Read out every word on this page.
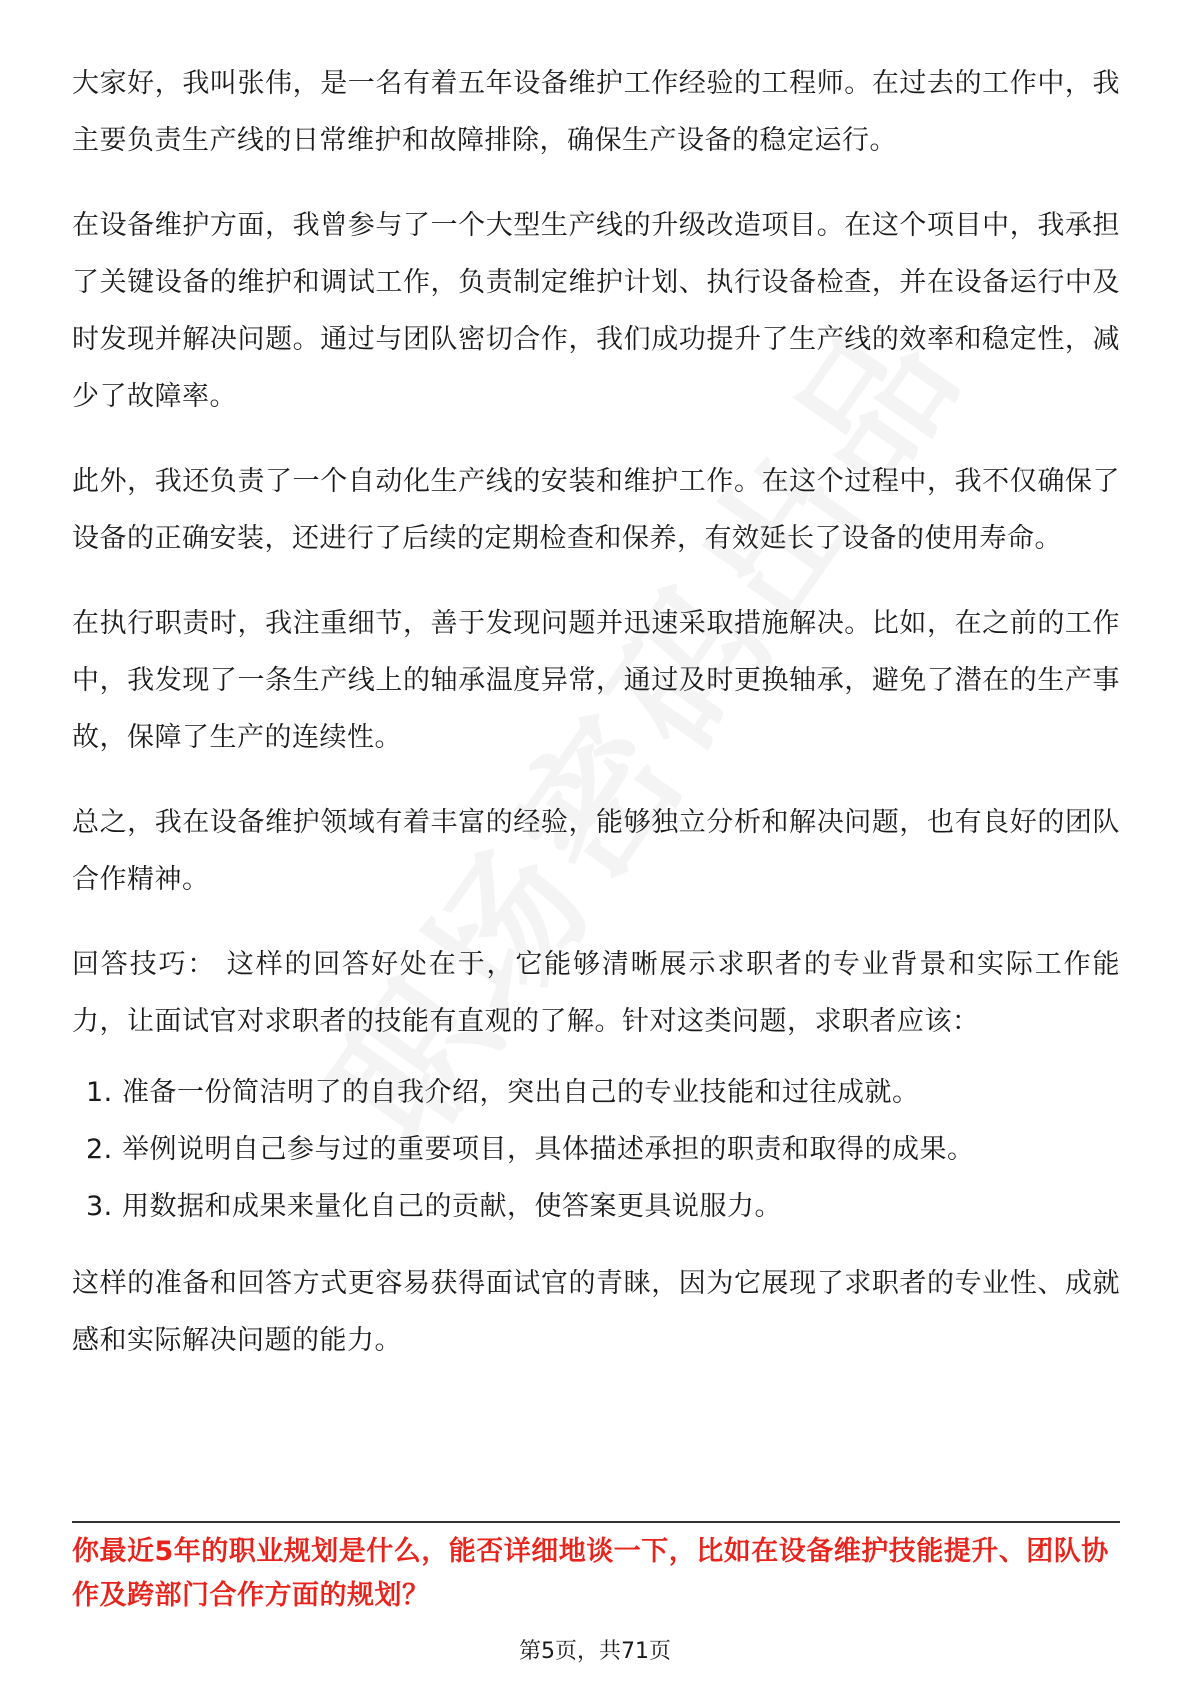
大家好，我叫张伟，是一名有着五年设备维护工作经验的工程师。在过去的工作中，我主要负责生产线的日常维护和故障排除，确保生产设备的稳定运行。

在设备维护方面，我曾参与了一个大型生产线的升级改造项目。在这个项目中，我承担了关键设备的维护和调试工作，负责制定维护计划、执行设备检查，并在设备运行中及时发现并解决问题。通过与团队密切合作，我们成功提升了生产线的效率和稳定性，减少了故障率。

此外，我还负责了一个自动化生产线的安装和维护工作。在这个过程中，我不仅确保了设备的正确安装，还进行了后续的定期检查和保养，有效延长了设备的使用寿命。

在执行职责时，我注重细节，善于发现问题并迅速采取措施解决。比如，在之前的工作中，我发现了一条生产线上的轴承温度异常，通过及时更换轴承，避免了潜在的生产事故，保障了生产的连续性。

总之，我在设备维护领域有着丰富的经验，能够独立分析和解决问题，也有良好的团队合作精神。

回答技巧： 这样的回答好处在于，它能够清晰展示求职者的专业背景和实际工作能力，让面试官对求职者的技能有直观的了解。针对这类问题，求职者应该：

1. 准备一份简洁明了的自我介绍，突出自己的专业技能和过往成就。
2. 举例说明自己参与过的重要项目，具体描述承担的职责和取得的成果。
3. 用数据和成果来量化自己的贡献，使答案更具说服力。

这样的准备和回答方式更容易获得面试官的青睐，因为它展现了求职者的专业性、成就感和实际解决问题的能力。

你最近5年的职业规划是什么，能否详细地谈一下，比如在设备维护技能提升、团队协作及跨部门合作方面的规划？
第5页，共71页
